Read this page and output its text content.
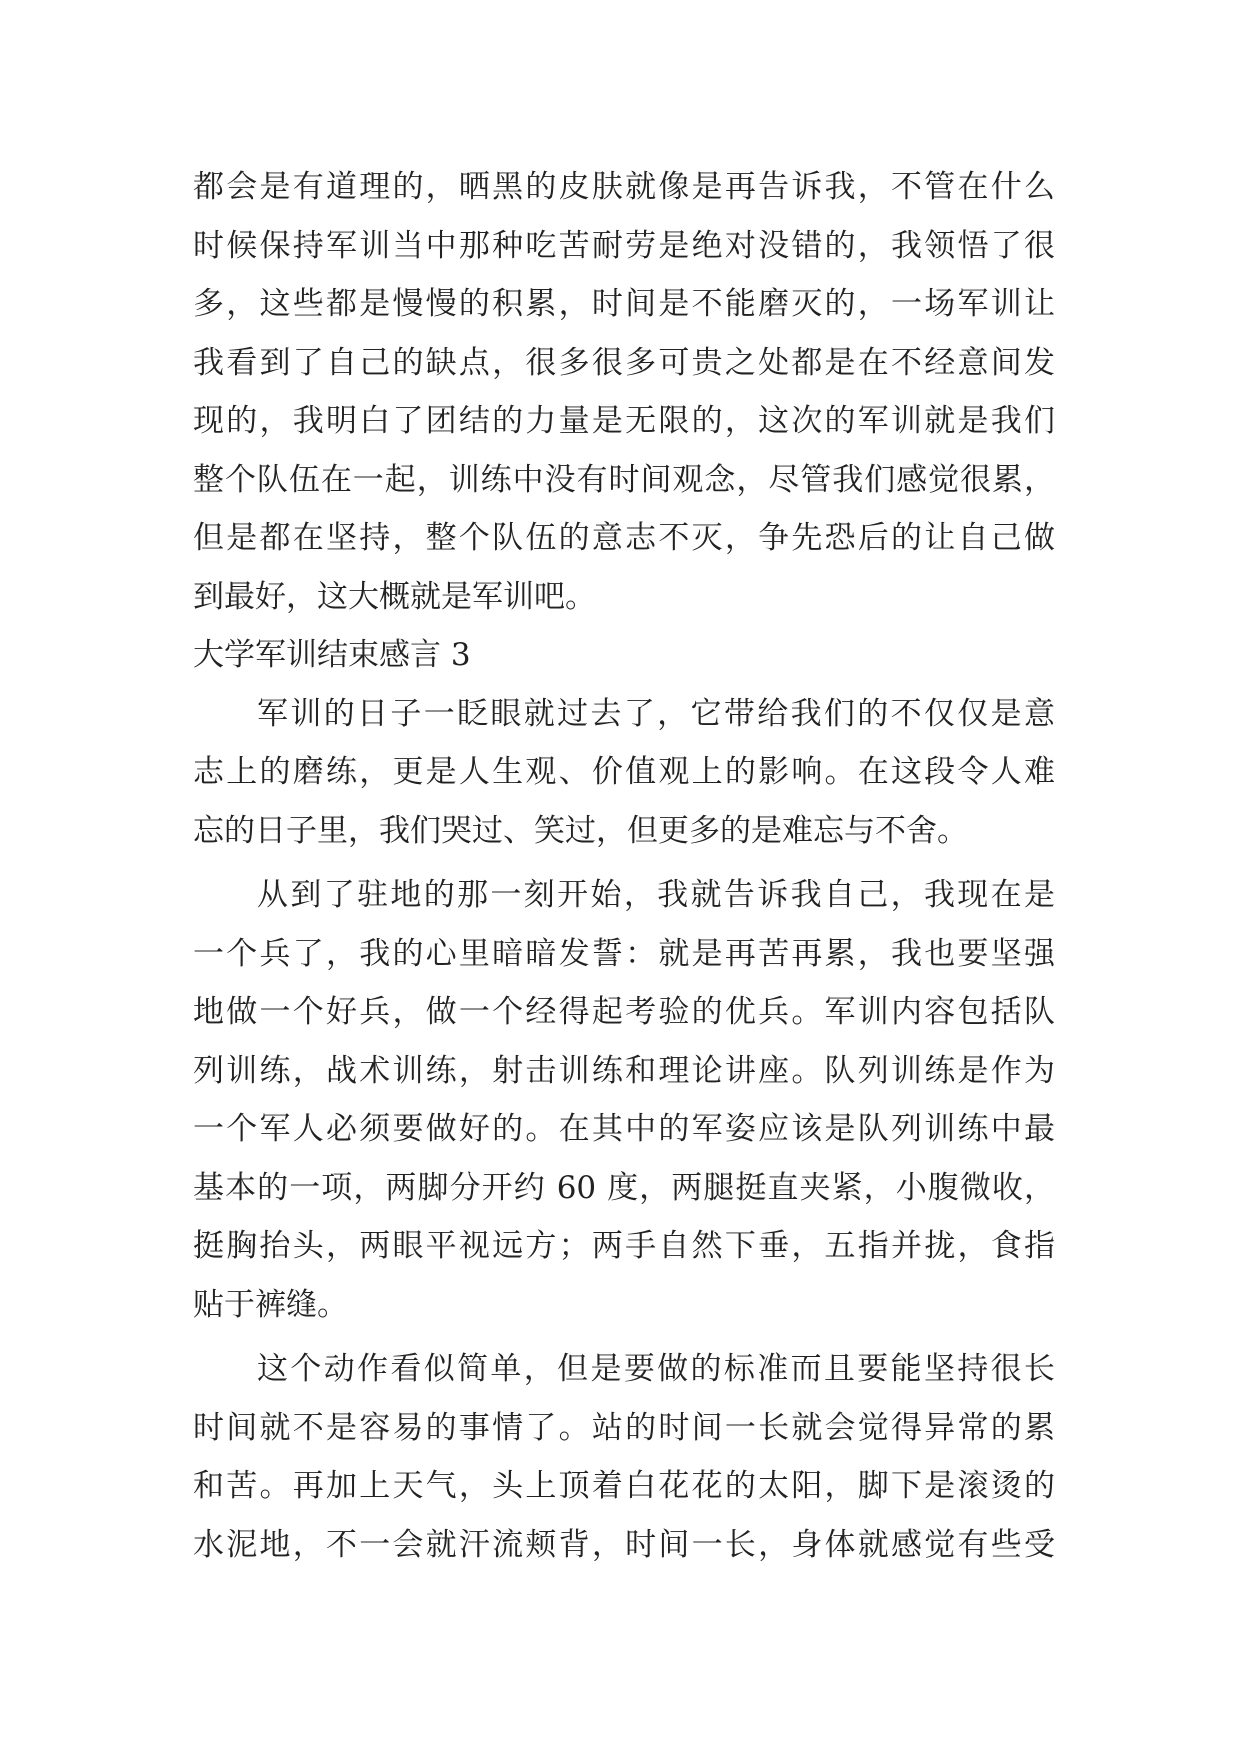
都会是有道理的，晒黑的皮肤就像是再告诉我，不管在什么
时候保持军训当中那种吃苦耐劳是绝对没错的，我领悟了很
多，这些都是慢慢的积累，时间是不能磨灭的，一场军训让
我看到了自己的缺点，很多很多可贵之处都是在不经意间发
现的，我明白了团结的力量是无限的，这次的军训就是我们
整个队伍在一起，训练中没有时间观念，尽管我们感觉很累，
但是都在坚持，整个队伍的意志不灭，争先恐后的让自己做
到最好，这大概就是军训吧。
大学军训结束感言 3
军训的日子一眨眼就过去了，它带给我们的不仅仅是意
志上的磨练，更是人生观、价值观上的影响。在这段令人难
忘的日子里，我们哭过、笑过，但更多的是难忘与不舍。
从到了驻地的那一刻开始，我就告诉我自己，我现在是
一个兵了，我的心里暗暗发誓：就是再苦再累，我也要坚强
地做一个好兵，做一个经得起考验的优兵。军训内容包括队
列训练，战术训练，射击训练和理论讲座。队列训练是作为
一个军人必须要做好的。在其中的军姿应该是队列训练中最
基本的一项，两脚分开约 60 度，两腿挺直夹紧，小腹微收，
挺胸抬头，两眼平视远方；两手自然下垂，五指并拢，食指
贴于裤缝。
这个动作看似简单，但是要做的标准而且要能坚持很长
时间就不是容易的事情了。站的时间一长就会觉得异常的累
和苦。再加上天气，头上顶着白花花的太阳，脚下是滚烫的
水泥地，不一会就汗流颊背，时间一长，身体就感觉有些受
